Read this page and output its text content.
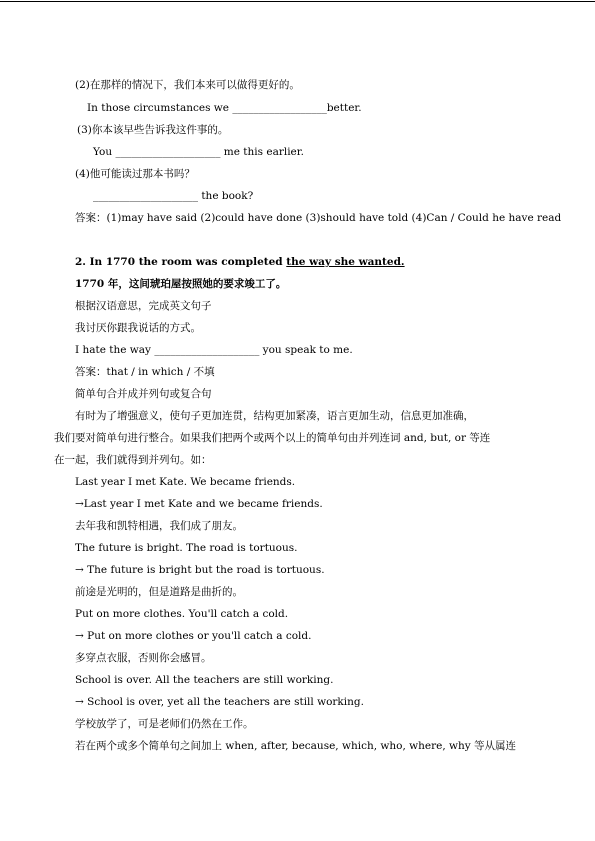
(2)在那样的情况下，我们本来可以做得更好的。
In those circumstances we __________________better.
(3)你本该早些告诉我这件事的。
You ____________________ me this earlier.
(4)他可能读过那本书吗？
____________________ the book?
答案：(1)may have said (2)could have done (3)should have told (4)Can / Could he have read
2. In 1770 the room was completed the way she wanted.
1770 年，这间琥珀屋按照她的要求竣工了。
根据汉语意思，完成英文句子
我讨厌你跟我说话的方式。
I hate the way ____________________ you speak to me.
答案：that / in which / 不填
简单句合并成并列句或复合句
有时为了增强意义，使句子更加连贯，结构更加紧凑，语言更加生动，信息更加准确，
我们要对简单句进行整合。如果我们把两个或两个以上的简单句由并列连词 and, but, or 等连
在一起，我们就得到并列句。如：
Last year I met Kate. We became friends.
→Last year I met Kate and we became friends.
去年我和凯特相遇，我们成了朋友。
The future is bright. The road is tortuous.
→ The future is bright but the road is tortuous.
前途是光明的，但是道路是曲折的。
Put on more clothes. You'll catch a cold.
→ Put on more clothes or you'll catch a cold.
多穿点衣服，否则你会感冒。
School is over. All the teachers are still working.
→ School is over, yet all the teachers are still working.
学校放学了，可是老师们仍然在工作。
若在两个或多个简单句之间加上 when, after, because, which, who, where, why 等从属连
